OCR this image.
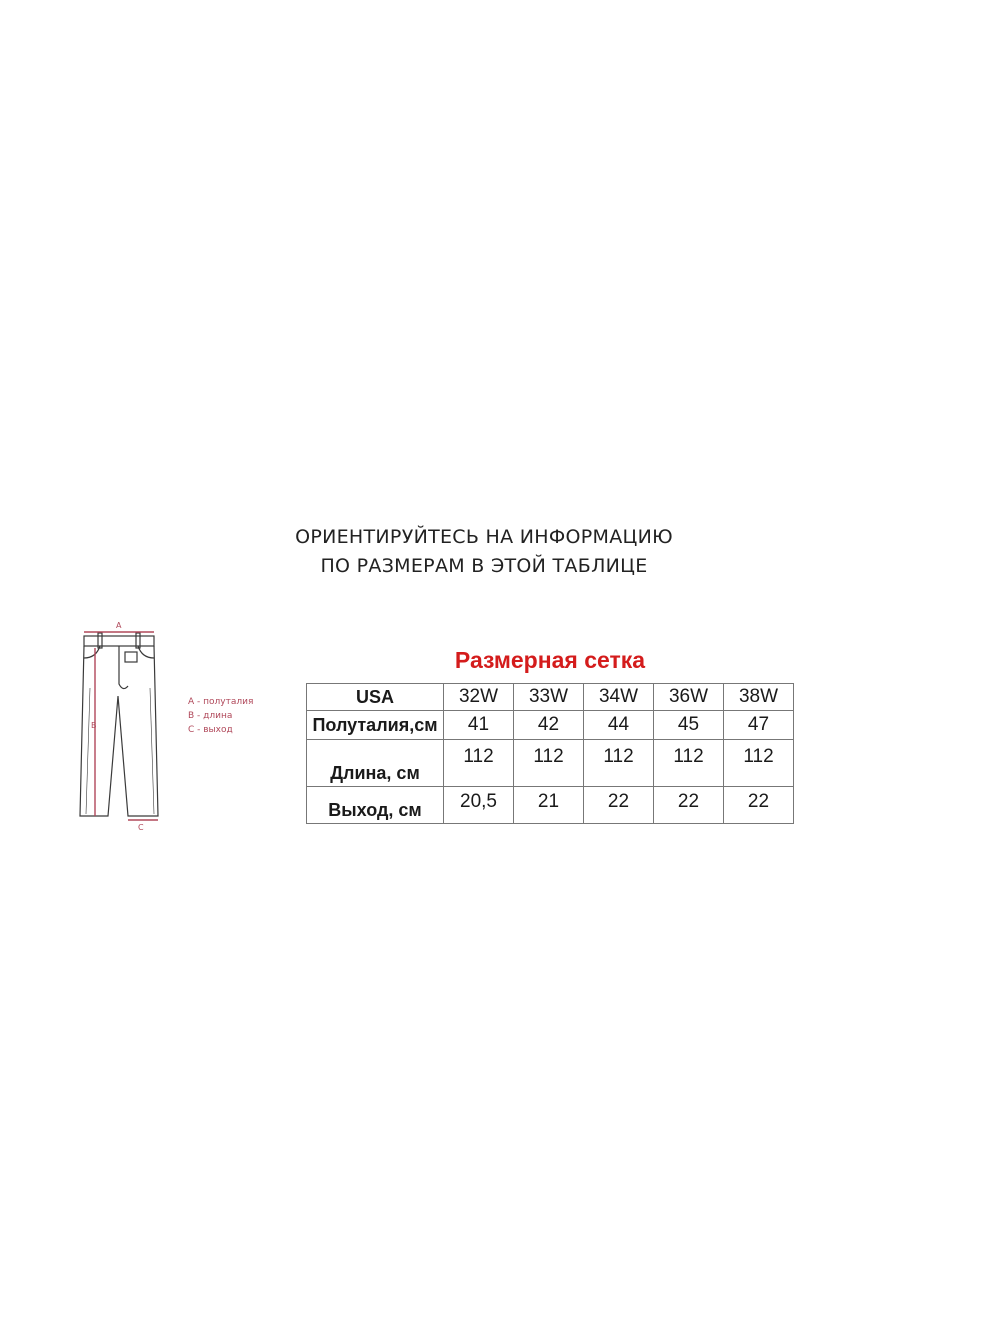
ОРИЕНТИРУЙТЕСЬ НА ИНФОРМАЦИЮ
ПО РАЗМЕРАМ В ЭТОЙ ТАБЛИЦЕ
A
B
C
А - полуталия
В - длина
С - выход
Размерная сетка
USA	32W	33W	34W	36W	38W
Полуталия,см	41	42	44	45	47
Длина, см	112	112	112	112	112
Выход, см	20,5	21	22	22	22
